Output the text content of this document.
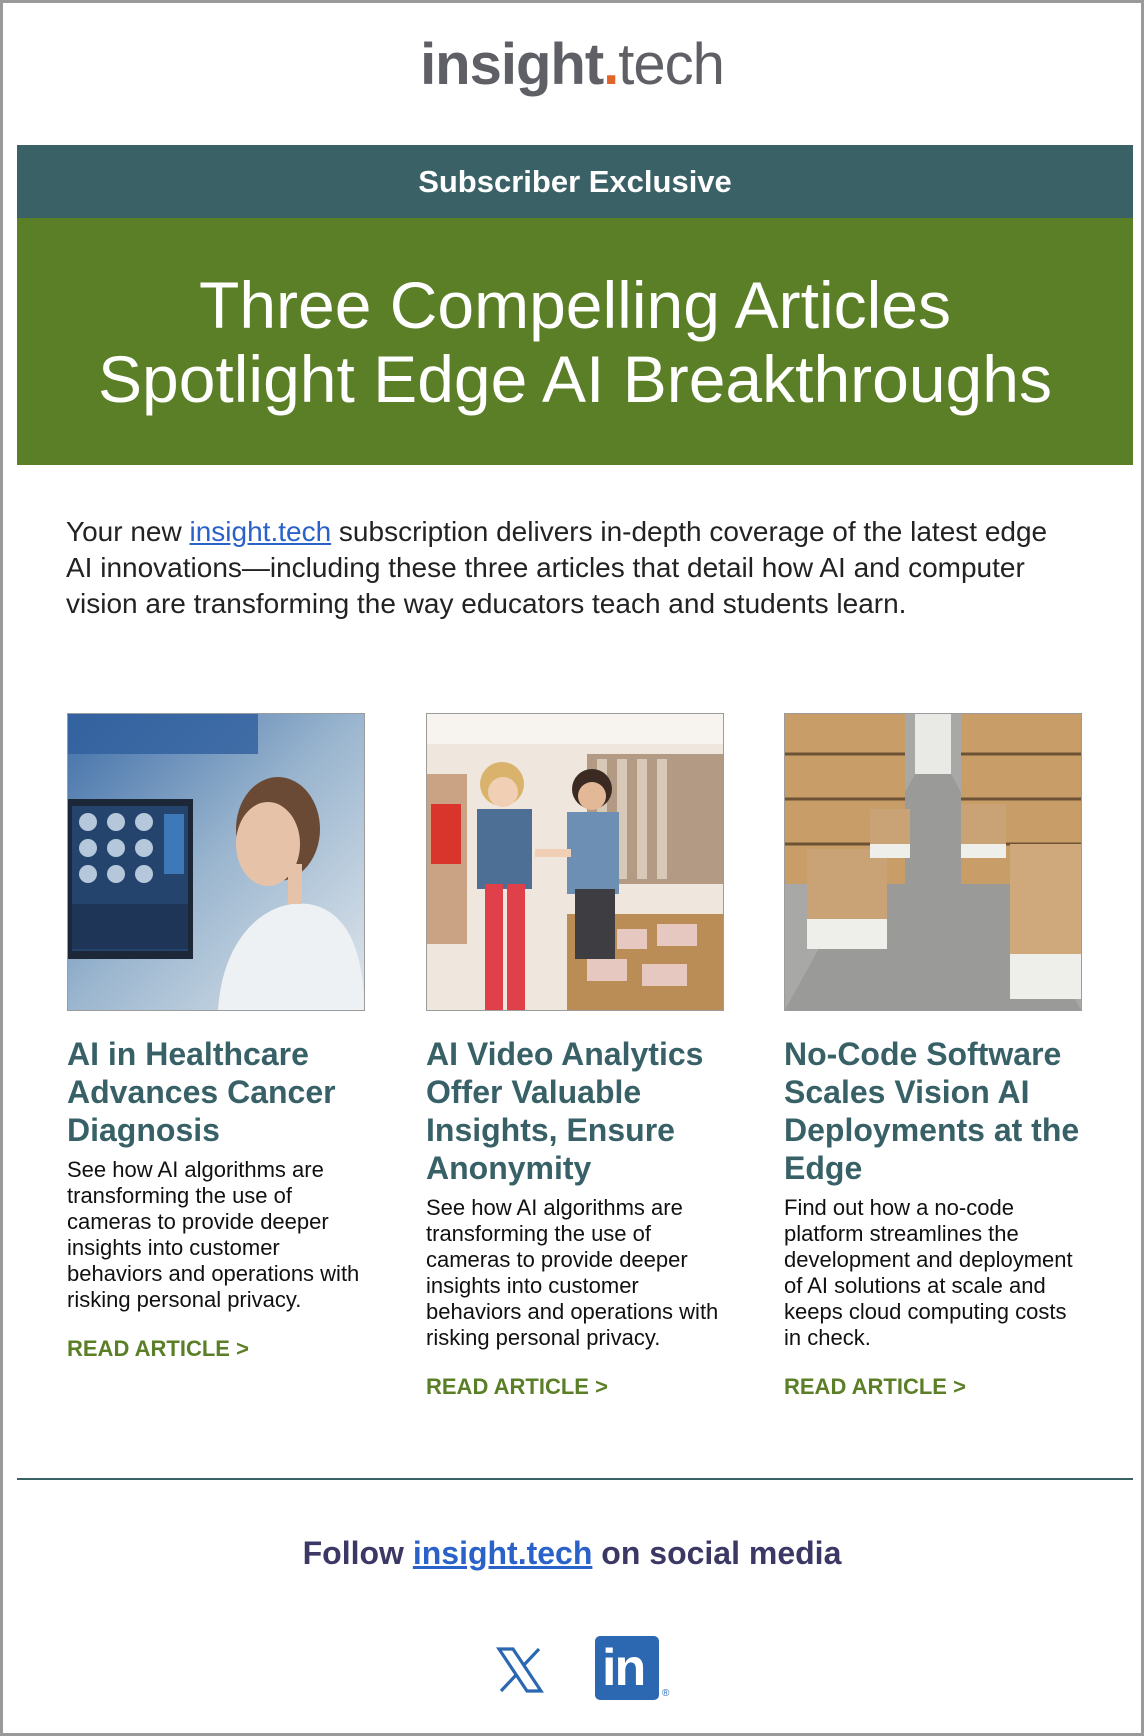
insight.tech
Subscriber Exclusive
Three Compelling Articles
Spotlight Edge AI Breakthroughs
Your new insight.tech subscription delivers in-depth coverage of the latest edge AI innovations—including these three articles that detail how AI and computer vision are transforming the way educators teach and students learn.
AI in Healthcare Advances Cancer Diagnosis
See how AI algorithms are transforming the use of cameras to provide deeper insights into customer behaviors and operations with risking personal privacy.
READ ARTICLE >
AI Video Analytics Offer Valuable Insights, Ensure Anonymity
See how AI algorithms are transforming the use of cameras to provide deeper insights into customer behaviors and operations with risking personal privacy.
READ ARTICLE >
No-Code Software Scales Vision AI Deployments at the Edge
Find out how a no-code platform streamlines the development and deployment of AI solutions at scale and keeps cloud computing costs in check.
READ ARTICLE >
Follow insight.tech on social media
in ®
